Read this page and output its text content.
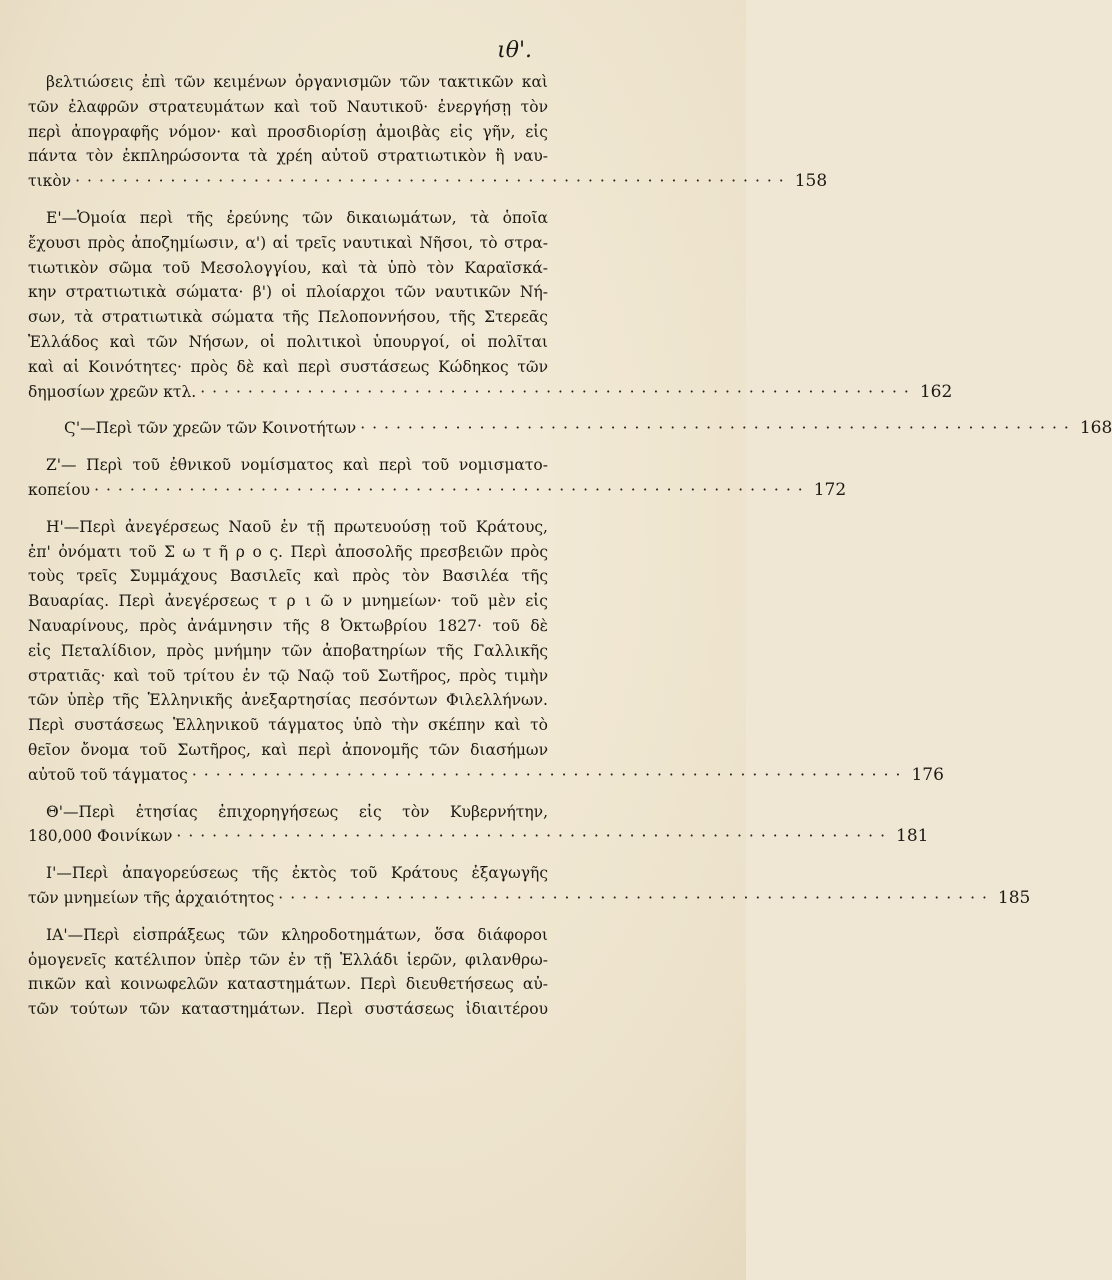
ιθ'.
βελτιώσεις ἐπὶ τῶν κειμένων ὀργανισμῶν τῶν τακτικῶν καὶ
τῶν ἐλαφρῶν στρατευμάτων καὶ τοῦ Ναυτικοῦ· ἐνεργήσῃ τὸν
περὶ ἀπογραφῆς νόμον· καὶ προσδιορίσῃ ἀμοιβὰς εἰς γῆν, εἰς
πάντα τὸν ἐκπληρώσοντα τὰ χρέη αὐτοῦ στρατιωτικὸν ἢ ναυ-
τικὸν ···························································· 158
Ε'—Ὁμοία περὶ τῆς ἐρεύνης τῶν δικαιωμάτων, τὰ ὁποῖα
ἔχουσι πρὸς ἀποζημίωσιν, α') αἱ τρεῖς ναυτικαὶ Νῆσοι, τὸ στρα-
τιωτικὸν σῶμα τοῦ Μεσολογγίου, καὶ τὰ ὑπὸ τὸν Καραϊσκά-
κην στρατιωτικὰ σώματα· β') οἱ πλοίαρχοι τῶν ναυτικῶν Νή-
σων, τὰ στρατιωτικὰ σώματα τῆς Πελοποννήσου, τῆς Στερεᾶς
Ἑλλάδος καὶ τῶν Νήσων, οἱ πολιτικοὶ ὑπουργοί, οἱ πολῖται
καὶ αἱ Κοινότητες· πρὸς δὲ καὶ περὶ συστάσεως Κώδηκος τῶν
δημοσίων χρεῶν κτλ. ···························································· 162
Ϛ'—Περὶ τῶν χρεῶν τῶν Κοινοτήτων ···························································· 168
Ζ'— Περὶ τοῦ ἐθνικοῦ νομίσματος καὶ περὶ τοῦ νομισματο-
κοπείου ···························································· 172
Η'—Περὶ ἀνεγέρσεως Ναοῦ ἐν τῇ πρωτευούσῃ τοῦ Κράτους,
ἐπ' ὀνόματι τοῦ Σ ω τ ῆ ρ ο ς. Περὶ ἀποσολῆς πρεσβειῶν πρὸς
τοὺς τρεῖς Συμμάχους Βασιλεῖς καὶ πρὸς τὸν Βασιλέα τῆς
Βαυαρίας. Περὶ ἀνεγέρσεως τ ρ ι ῶ ν μνημείων· τοῦ μὲν εἰς
Ναυαρίνους, πρὸς ἀνάμνησιν τῆς 8 Ὀκτωβρίου 1827· τοῦ δὲ
εἰς Πεταλίδιον, πρὸς μνήμην τῶν ἀποβατηρίων τῆς Γαλλικῆς
στρατιᾶς· καὶ τοῦ τρίτου ἐν τῷ Ναῷ τοῦ Σωτῆρος, πρὸς τιμὴν
τῶν ὑπὲρ τῆς Ἑλληνικῆς ἀνεξαρτησίας πεσόντων Φιλελλήνων.
Περὶ συστάσεως Ἑλληνικοῦ τάγματος ὑπὸ τὴν σκέπην καὶ τὸ
θεῖον ὄνομα τοῦ Σωτῆρος, καὶ περὶ ἀπονομῆς τῶν διασήμων
αὐτοῦ τοῦ τάγματος ···························································· 176
Θ'—Περὶ ἐτησίας ἐπιχορηγήσεως εἰς τὸν Κυβερνήτην,
180,000 Φοινίκων ···························································· 181
Ι'—Περὶ ἀπαγορεύσεως τῆς ἐκτὸς τοῦ Κράτους ἐξαγωγῆς
τῶν μνημείων τῆς ἀρχαιότητος ···························································· 185
ΙΑ'—Περὶ εἰσπράξεως τῶν κληροδοτημάτων, ὅσα διάφοροι
ὁμογενεῖς κατέλιπον ὑπὲρ τῶν ἐν τῇ Ἑλλάδι ἱερῶν, φιλανθρω-
πικῶν καὶ κοινωφελῶν καταστημάτων. Περὶ διευθετήσεως αὐ-
τῶν τούτων τῶν καταστημάτων. Περὶ συστάσεως ἰδιαιτέρου
